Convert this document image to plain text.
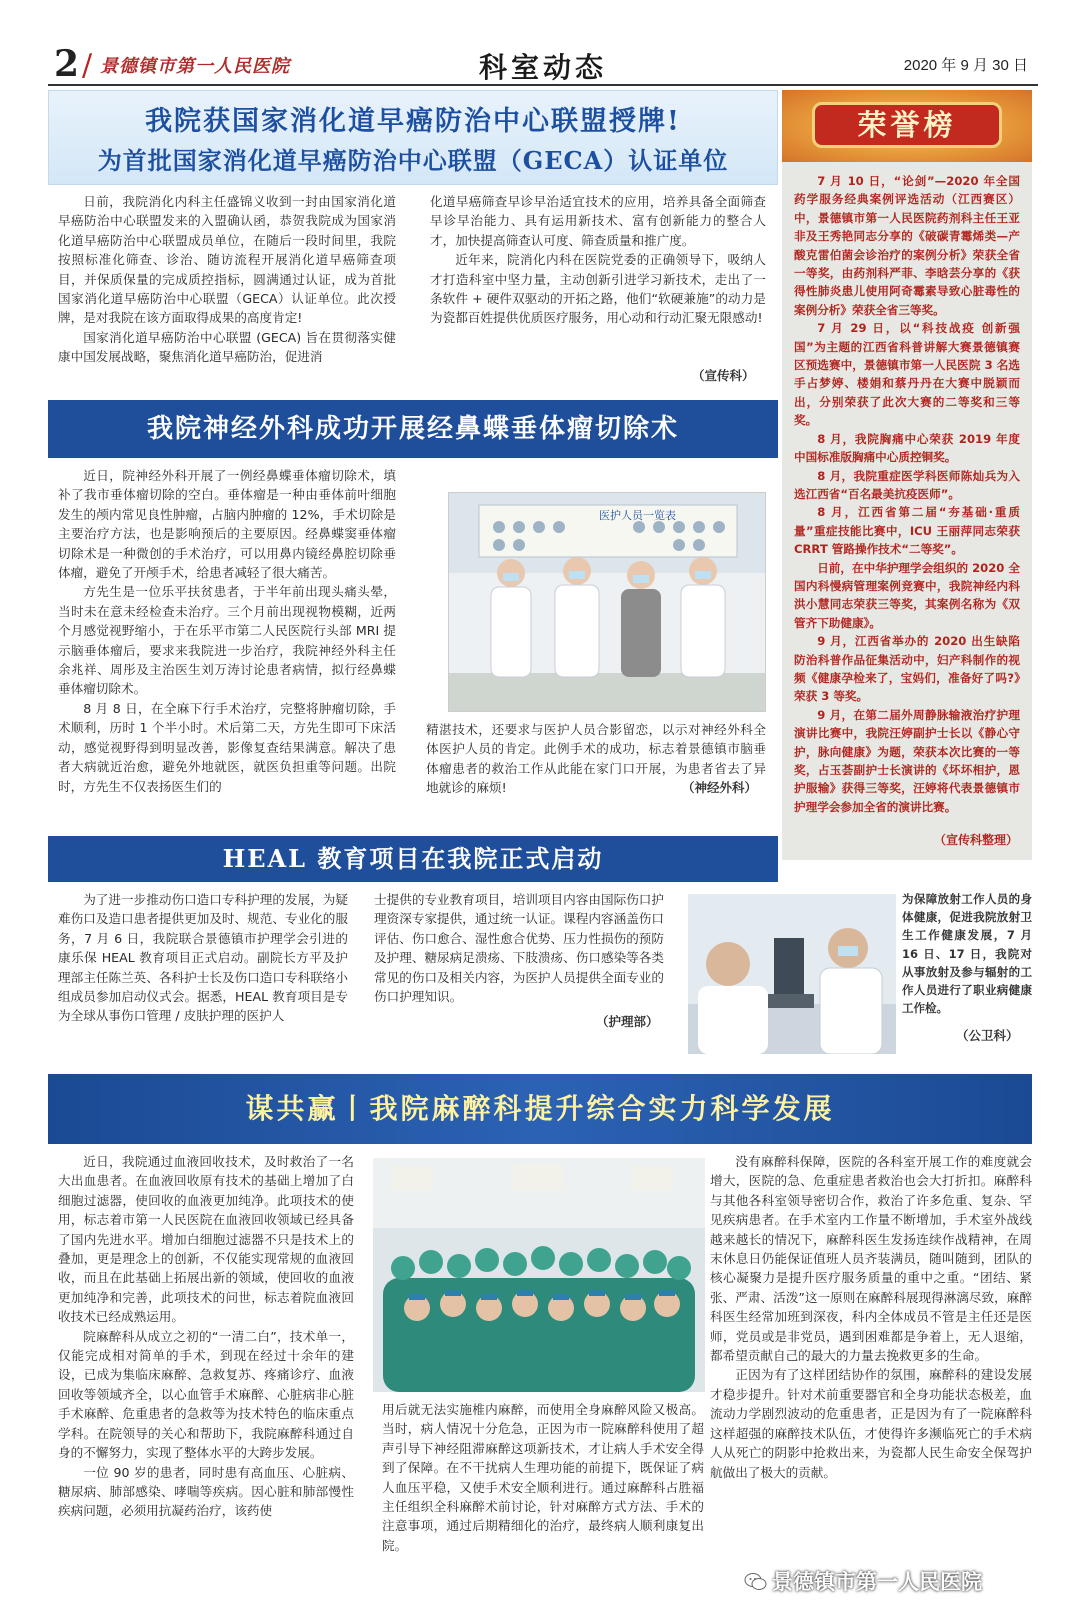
2 / 景德镇市第一人民医院	科室动态	2020 年 9 月 30 日
我院获国家消化道早癌防治中心联盟授牌!
为首批国家消化道早癌防治中心联盟（GECA）认证单位

日前，我院消化内科主任盛锦义收到一封由国家消化道早癌防治中心联盟发来的入盟确认函，恭贺我院成为国家消化道早癌防治中心联盟成员单位，在随后一段时间里，我院按照标准化筛查、诊治、随访流程开展消化道早癌筛查项目，并保质保量的完成质控指标，圆满通过认证，成为首批国家消化道早癌防治中心联盟（GECA）认证单位。此次授牌，是对我院在该方面取得成果的高度肯定!

国家消化道早癌防治中心联盟 (GECA) 旨在贯彻落实健康中国发展战略，聚焦消化道早癌防治，促进消

化道早癌筛查早诊早治适宜技术的应用，培养具备全面筛查早诊早治能力、具有运用新技术、富有创新能力的整合人才，加快提高筛查认可度、筛查质量和推广度。

近年来，院消化内科在医院党委的正确领导下，吸纳人才打造科室中坚力量，主动创新引进学习新技术，走出了一条软件 + 硬件双驱动的开拓之路，他们“软硬兼施”的动力是为瓷都百姓提供优质医疗服务，用心动和行动汇聚无限感动!

（宣传科）
荣誉榜

7 月 10 日，“论剑”—2020 年全国药学服务经典案例评选活动（江西赛区）中，景德镇市第一人民医院药剂科主任王亚非及王秀艳同志分享的《破碳青霉烯类—产酸克雷伯菌会诊治疗的案例分析》荣获全省一等奖，由药剂科严菲、李晗芸分享的《获得性肺炎患儿使用阿奇霉素导致心脏毒性的案例分析》荣获全省三等奖。

7 月 29 日，以“科技战疫 创新强国”为主题的江西省科普讲解大赛景德镇赛区预选赛中，景德镇市第一人民医院 3 名选手占梦婷、楼娟和蔡丹丹在大赛中脱颖而出，分别荣获了此次大赛的二等奖和三等奖。

8 月，我院胸痛中心荣获 2019 年度中国标准版胸痛中心质控铜奖。

8 月，我院重症医学科医师陈灿兵为入选江西省“百名最美抗疫医师”。

8 月，江西省第二届“夯基础·重质量”重症技能比赛中，ICU 王丽萍同志荣获 CRRT 管路操作技术“二等奖”。

日前，在中华护理学会组织的 2020 全国内科慢病管理案例竞赛中，我院神经内科洪小慧同志荣获三等奖，其案例名称为《双管齐下助健康》。

9 月，江西省举办的 2020 出生缺陷防治科普作品征集活动中，妇产科制作的视频《健康孕检来了，宝妈们，准备好了吗?》荣获 3 等奖。

9 月，在第二届外周静脉输液治疗护理演讲比赛中，我院汪婷副护士长以《静心守护，脉向健康》为题，荣获本次比赛的一等奖，占玉荟副护士长演讲的《坏坏相护，恩护服输》获得三等奖，汪婷将代表景德镇市护理学会参加全省的演讲比赛。

（宣传科整理）
我院神经外科成功开展经鼻蝶垂体瘤切除术

近日，院神经外科开展了一例经鼻蝶垂体瘤切除术，填补了我市垂体瘤切除的空白。垂体瘤是一种由垂体前叶细胞发生的颅内常见良性肿瘤，占脑内肿瘤的 12%，手术切除是主要治疗方法，也是影响预后的主要原因。经鼻蝶窦垂体瘤切除术是一种微创的手术治疗，可以用鼻内镜经鼻腔切除垂体瘤，避免了开颅手术，给患者减轻了很大痛苦。

方先生是一位乐平扶贫患者，于半年前出现头痛头晕，当时未在意未经检查未治疗。三个月前出现视物模糊，近两个月感觉视野缩小，于在乐平市第二人民医院行头部 MRI 提示脑垂体瘤后，要求来我院进一步治疗，我院神经外科主任余兆祥、周彤及主治医生刘万涛讨论患者病情，拟行经鼻蝶垂体瘤切除术。

8 月 8 日，在全麻下行手术治疗，完整将肿瘤切除，手术顺利，历时 1 个半小时。术后第二天，方先生即可下床活动，感觉视野得到明显改善，影像复查结果满意。解决了患者大病就近治愈，避免外地就医，就医负担重等问题。出院时，方先生不仅表扬医生们的

医护人员一览表

精湛技术，还要求与医护人员合影留恋，以示对神经外科全体医护人员的肯定。此例手术的成功，标志着景德镇市脑垂体瘤患者的救治工作从此能在家门口开展，为患者省去了异地就诊的麻烦!	（神经外科）
HEAL 教育项目在我院正式启动

为了进一步推动伤口造口专科护理的发展，为疑难伤口及造口患者提供更加及时、规范、专业化的服务，7 月 6 日，我院联合景德镇市护理学会引进的康乐保 HEAL 教育项目正式启动。副院长方平及护理部主任陈兰英、各科护士长及伤口造口专科联络小组成员参加启动仪式会。据悉，HEAL 教育项目是专为全球从事伤口管理 / 皮肤护理的医护人

士提供的专业教育项目，培训项目内容由国际伤口护理资深专家提供，通过统一认证。课程内容涵盖伤口评估、伤口愈合、湿性愈合优势、压力性损伤的预防及护理、糖尿病足溃疡、下肢溃疡、伤口感染等各类常见的伤口及相关内容，为医护人员提供全面专业的伤口护理知识。

（护理部）
为保障放射工作人员的身体健康，促进我院放射卫生工作健康发展，7 月 16 日、17 日，我院对从事放射及参与辐射的工作人员进行了职业病健康工作检。
（公卫科）
谋共赢丨我院麻醉科提升综合实力科学发展

近日，我院通过血液回收技术，及时救治了一名大出血患者。在血液回收原有技术的基础上增加了白细胞过滤器，使回收的血液更加纯净。此项技术的使用，标志着市第一人民医院在血液回收领域已经具备了国内先进水平。增加白细胞过滤器不只是技术上的叠加，更是理念上的创新，不仅能实现常规的血液回收，而且在此基础上拓展出新的领域，使回收的血液更加纯净和完善，此项技术的问世，标志着院血液回收技术已经成熟运用。

院麻醉科从成立之初的“一清二白”，技术单一，仅能完成相对简单的手术，到现在经过十余年的建设，已成为集临床麻醉、急救复苏、疼痛诊疗、血液回收等领域齐全，以心血管手术麻醉、心脏病非心脏手术麻醉、危重患者的急救等为技术特色的临床重点学科。在院领导的关心和帮助下，我院麻醉科通过自身的不懈努力，实现了整体水平的大跨步发展。

一位 90 岁的患者，同时患有高血压、心脏病、糖尿病、肺部感染、哮喘等疾病。因心脏和肺部慢性疾病问题，必须用抗凝药治疗，该药使

用后就无法实施椎内麻醉，而使用全身麻醉风险又极高。当时，病人情况十分危急，正因为市一院麻醉科使用了超声引导下神经阻滞麻醉这项新技术，才让病人手术安全得到了保障。在不干扰病人生理功能的前提下，既保证了病人血压平稳，又使手术安全顺利进行。通过麻醉科占胜福主任组织全科麻醉术前讨论，针对麻醉方式方法、手术的注意事项，通过后期精细化的治疗，最终病人顺利康复出院。

没有麻醉科保障，医院的各科室开展工作的难度就会增大，医院的急、危重症患者救治也会大打折扣。麻醉科与其他各科室领导密切合作，救治了许多危重、复杂、罕见疾病患者。在手术室内工作量不断增加，手术室外战线越来越长的情况下，麻醉科医生发扬连续作战精神，在周末休息日仍能保证值班人员齐装满员，随叫随到，团队的核心凝聚力是提升医疗服务质量的重中之重。“团结、紧张、严肃、活泼”这一原则在麻醉科展现得淋漓尽致，麻醉科医生经常加班到深夜，科内全体成员不管是主任还是医师，党员或是非党员，遇到困难都是争着上，无人退缩，都希望贡献自己的最大的力量去挽救更多的生命。

正因为有了这样团结协作的氛围，麻醉科的建设发展才稳步提升。针对术前重要器官和全身功能状态极差，血流动力学剧烈波动的危重患者，正是因为有了一院麻醉科这样超强的麻醉技术队伍，才使得许多濒临死亡的手术病人从死亡的阴影中抢救出来，为瓷都人民生命安全保驾护航做出了极大的贡献。

景德镇市第一人民医院
